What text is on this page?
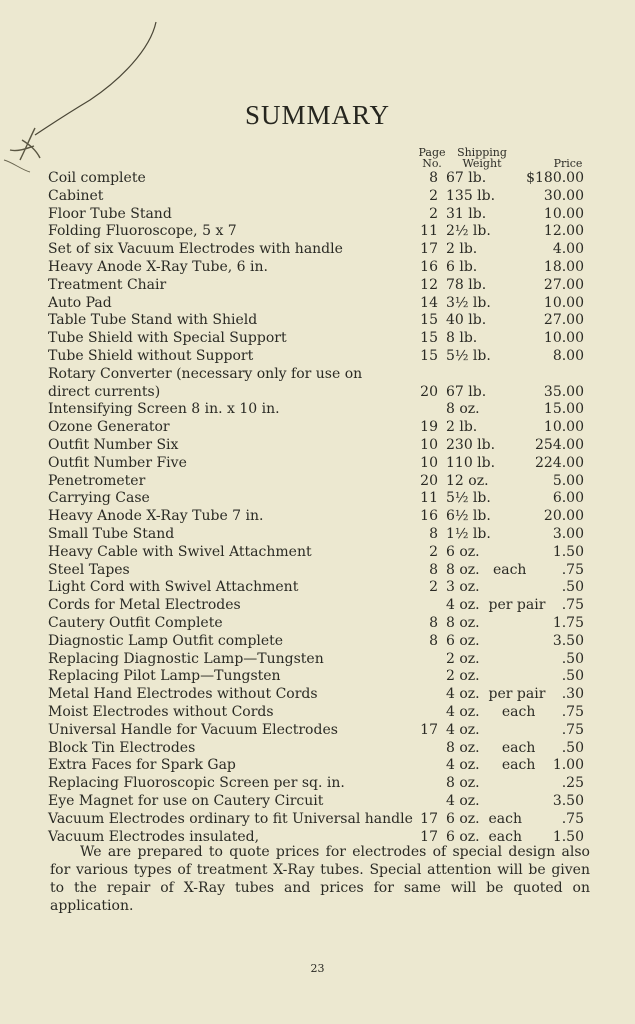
SUMMARY
Page
No.
Shipping
Weight	Price
Coil complete	8 67 lb.	$180.00
Cabinet	2 135 lb.	30.00
Floor Tube Stand	2 31 lb.	10.00
Folding Fluoroscope, 5 x 7	11 2½ lb.	12.00
Set of six Vacuum Electrodes with handle	17 2 lb.	4.00
Heavy Anode X-Ray Tube, 6 in.	16 6 lb.	18.00
Treatment Chair	12 78 lb.	27.00
Auto Pad	14 3½ lb.	10.00
Table Tube Stand with Shield	15 40 lb.	27.00
Tube Shield with Special Support	15 8 lb.	10.00
Tube Shield without Support	15 5½ lb.	8.00
Rotary Converter (necessary only for use on
direct currents)	20 67 lb.	35.00
Intensifying Screen 8 in. x 10 in.	8 oz.	15.00
Ozone Generator	19 2 lb.	10.00
Outfit Number Six	10 230 lb.	254.00
Outfit Number Five	10 110 lb.	224.00
Penetrometer	20 12 oz.	5.00
Carrying Case	11 5½ lb.	6.00
Heavy Anode X-Ray Tube 7 in.	16 6½ lb.	20.00
Small Tube Stand	8 1½ lb.	3.00
Heavy Cable with Swivel Attachment	2 6 oz.	1.50
Steel Tapes	8 8 oz.   each	.75
Light Cord with Swivel Attachment	2 3 oz.	.50
Cords for Metal Electrodes	4 oz.  per pair	.75
Cautery Outfit Complete	8 8 oz.	1.75
Diagnostic Lamp Outfit complete	8 6 oz.	3.50
Replacing Diagnostic Lamp—Tungsten	2 oz.	.50
Replacing Pilot Lamp—Tungsten	2 oz.	.50
Metal Hand Electrodes without Cords	4 oz.  per pair	.30
Moist Electrodes without Cords	4 oz.     each	.75
Universal Handle for Vacuum Electrodes	17 4 oz.	.75
Block Tin Electrodes	8 oz.     each	.50
Extra Faces for Spark Gap	4 oz.     each	1.00
Replacing Fluoroscopic Screen per sq. in.	8 oz.	.25
Eye Magnet for use on Cautery Circuit	4 oz.	3.50
Vacuum Electrodes ordinary to fit Universal handle 17 6 oz.  each	.75
Vacuum Electrodes insulated,	17 6 oz.  each	1.50

We are prepared to quote prices for electrodes of special design also for various types of treatment X-Ray tubes. Special attention will be given to the repair of X-Ray tubes and prices for same will be quoted on application.

23
